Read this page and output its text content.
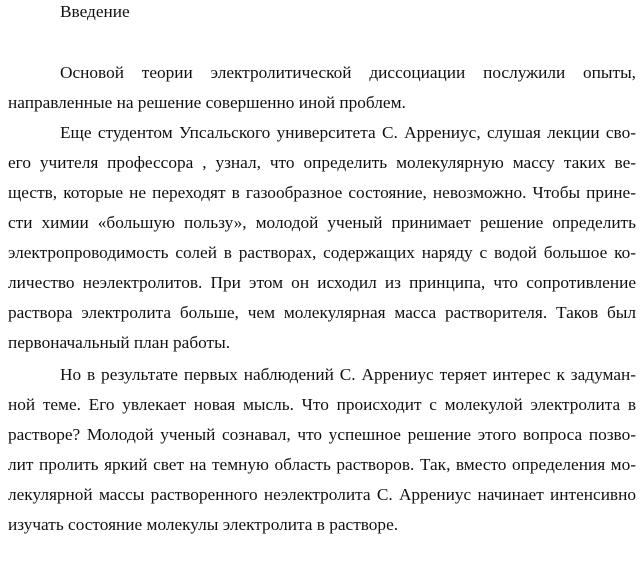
Введение
Основой теории электролитической диссоциации послужили опыты,
направленные на решение совершенно иной проблем.
Еще студентом Упсальского университета С. Аррениус, слушая лекции сво-
его учителя профессора , узнал, что определить молекулярную массу таких ве-
ществ, которые не переходят в газообразное состояние, невозможно. Чтобы прине-
сти химии «большую пользу», молодой ученый принимает решение определить
электропроводимость солей в растворах, содержащих наряду с водой большое ко-
личество неэлектролитов. При этом он исходил из принципа, что сопротивление
раствора электролита больше, чем молекулярная масса растворителя. Таков был
первоначальный план работы.
Но в результате первых наблюдений С. Аррениус теряет интерес к задуман-
ной теме. Его увлекает новая мысль. Что происходит с молекулой электролита в
растворе? Молодой ученый сознавал, что успешное решение этого вопроса позво-
лит пролить яркий свет на темную область растворов. Так, вместо определения мо-
лекулярной массы растворенного неэлектролита С. Аррениус начинает интенсивно
изучать состояние молекулы электролита в растворе.
